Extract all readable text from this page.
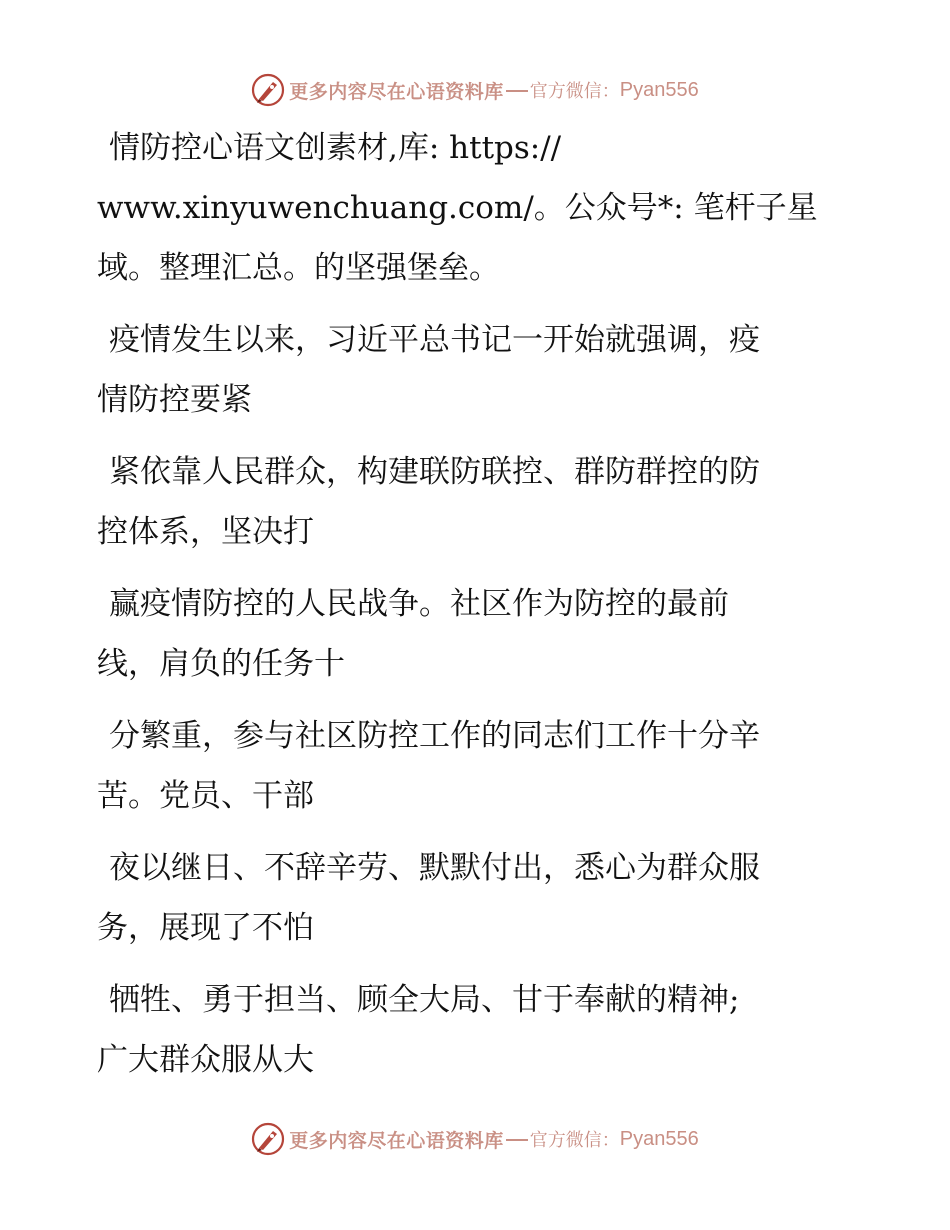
更多内容尽在心语资料库 官方微信： Pyan556

情防控心语文创素材,库: https://
www.xinyuwenchuang.com/。公众号*: 笔杆子星
域。整理汇总。的坚强堡垒。

疫情发生以来，习近平总书记一开始就强调，疫
情防控要紧

紧依靠人民群众，构建联防联控、群防群控的防
控体系，坚决打

赢疫情防控的人民战争。社区作为防控的最前
线，肩负的任务十

分繁重，参与社区防控工作的同志们工作十分辛
苦。党员、干部

夜以继日、不辞辛劳、默默付出，悉心为群众服
务，展现了不怕

牺牲、勇于担当、顾全大局、甘于奉献的精神;
广大群众服从大

更多内容尽在心语资料库 官方微信： Pyan556
